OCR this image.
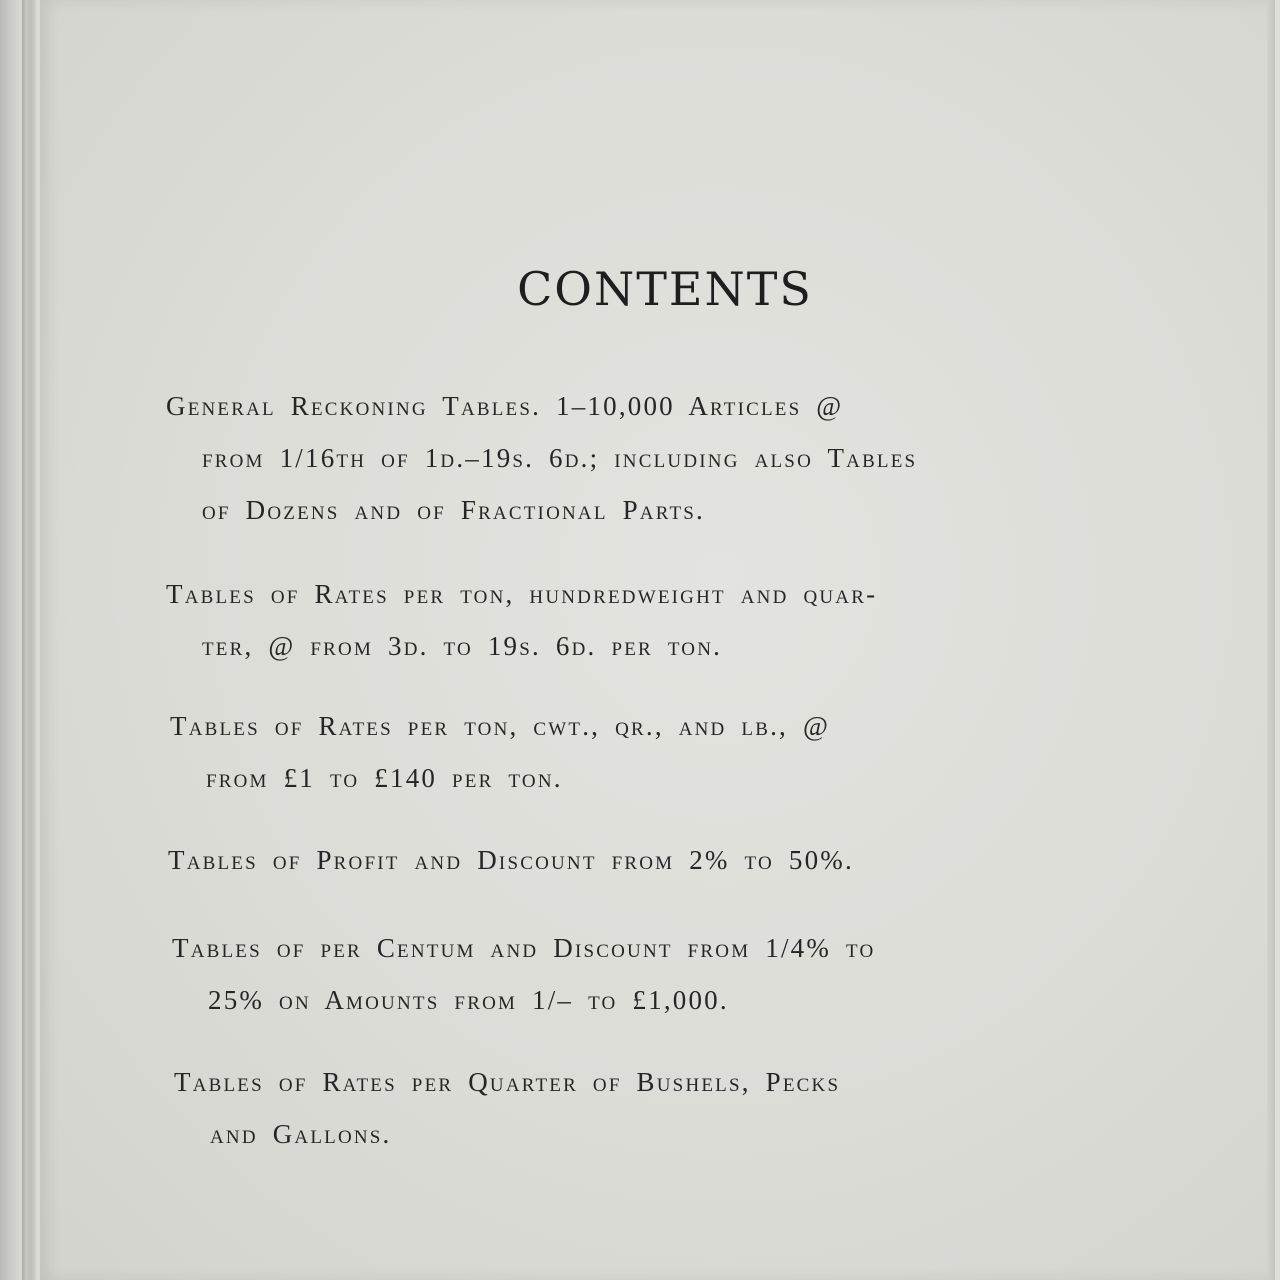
CONTENTS
General Reckoning Tables. 1–10,000 Articles @
from 1/16th of 1d.–19s. 6d.; including also Tables
of Dozens and of Fractional Parts.
Tables of Rates per ton, hundredweight and quar-
ter, @ from 3d. to 19s. 6d. per ton.
Tables of Rates per ton, cwt., qr., and lb., @
from £1 to £140 per ton.
Tables of Profit and Discount from 2% to 50%.
Tables of per Centum and Discount from 1/4% to
25% on Amounts from 1/– to £1,000.
Tables of Rates per Quarter of Bushels, Pecks
and Gallons.
